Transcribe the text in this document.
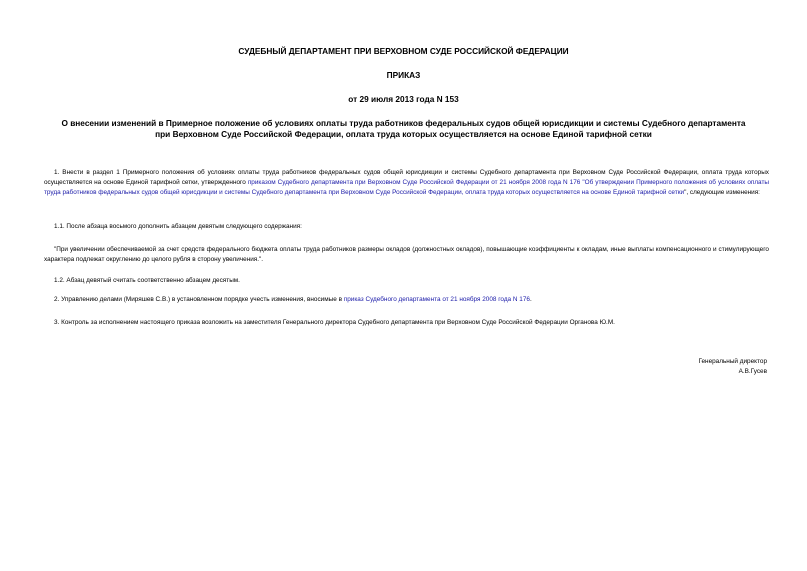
СУДЕБНЫЙ ДЕПАРТАМЕНТ ПРИ ВЕРХОВНОМ СУДЕ РОССИЙСКОЙ ФЕДЕРАЦИИ
ПРИКАЗ
от 29 июля 2013 года N 153
О внесении изменений в Примерное положение об условиях оплаты труда работников федеральных судов общей юрисдикции и системы Судебного департамента при Верховном Суде Российской Федерации, оплата труда которых осуществляется на основе Единой тарифной сетки
1. Внести в раздел 1 Примерного положения об условиях оплаты труда работников федеральных судов общей юрисдикции и системы Судебного департамента при Верховном Суде Российской Федерации, оплата труда которых осуществляется на основе Единой тарифной сетки, утвержденного приказом Судебного департамента при Верховном Суде Российской Федерации от 21 ноября 2008 года N 176 "Об утверждении Примерного положения об условиях оплаты труда работников федеральных судов общей юрисдикции и системы Судебного департамента при Верховном Суде Российской Федерации, оплата труда которых осуществляется на основе Единой тарифной сетки", следующие изменения:
1.1. После абзаца восьмого дополнить абзацем девятым следующего содержания:
"При увеличении обеспечиваемой за счет средств федерального бюджета оплаты труда работников размеры окладов (должностных окладов), повышающие коэффициенты к окладам, иные выплаты компенсационного и стимулирующего характера подлежат округлению до целого рубля в сторону увеличения.".
1.2. Абзац девятый считать соответственно абзацем десятым.
2. Управлению делами (Миряшев С.В.) в установленном порядке учесть изменения, вносимые в приказ Судебного департамента от 21 ноября 2008 года N 176.
3. Контроль за исполнением настоящего приказа возложить на заместителя Генерального директора Судебного департамента при Верховном Суде Российской Федерации Органова Ю.М.
Генеральный директор
А.В.Гусев
